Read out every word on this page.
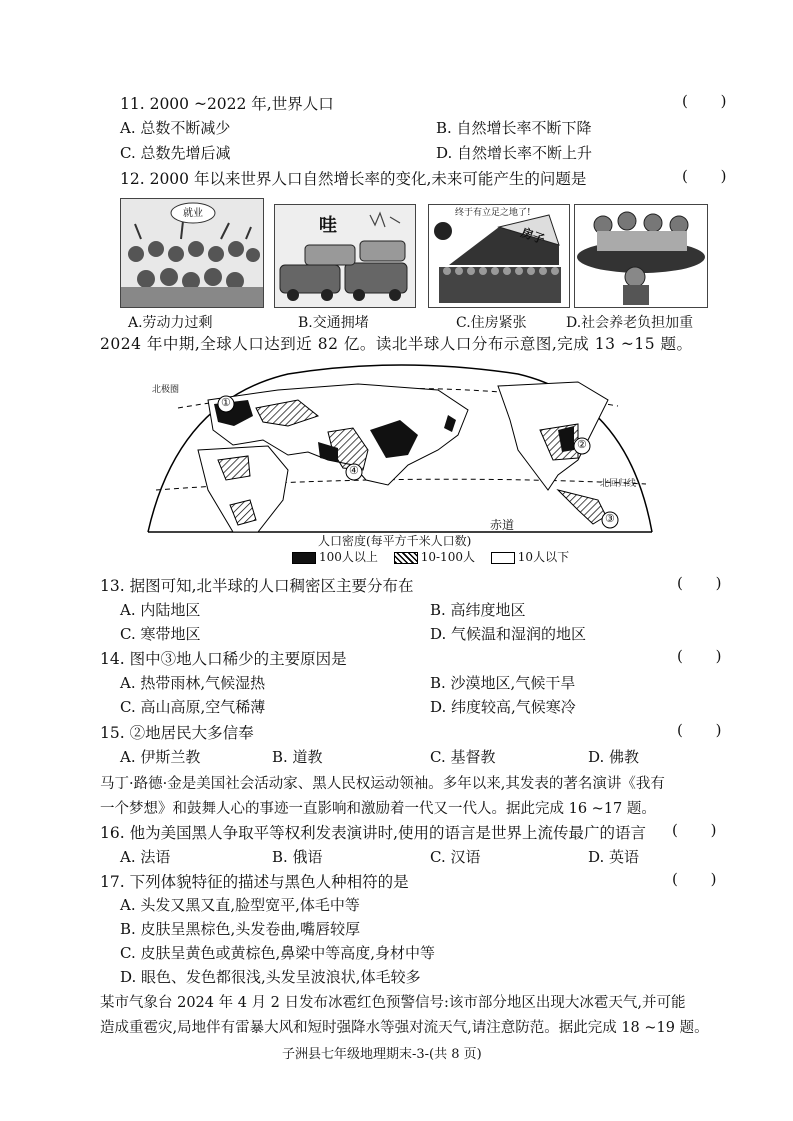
11. 2000 ~2022 年,世界人口	( )
A. 总数不断减少	B. 自然增长率不断下降
C. 总数先增后减	D. 自然增长率不断上升
12. 2000 年以来世界人口自然增长率的变化,未来可能产生的问题是	( )
就业
A.劳动力过剩
哇
B.交通拥堵
终于有立足之地了!
房子
C.住房紧张	D.社会养老负担加重
2024 年中期,全球人口达到近 82 亿。读北半球人口分布示意图,完成 13 ~15 题。
北极圈
北回归线
赤道
①
②
③
④
人口密度(每平方千米人口数)
100人以上	10-100人	10人以下
13. 据图可知,北半球的人口稠密区主要分布在	( )
A. 内陆地区	B. 高纬度地区
C. 寒带地区	D. 气候温和湿润的地区
14. 图中③地人口稀少的主要原因是	( )
A. 热带雨林,气候湿热	B. 沙漠地区,气候干旱
C. 高山高原,空气稀薄	D. 纬度较高,气候寒冷
15. ②地居民大多信奉	( )
A. 伊斯兰教	B. 道教	C. 基督教	D. 佛教
马丁·路德·金是美国社会活动家、黑人民权运动领袖。多年以来,其发表的著名演讲《我有
一个梦想》和鼓舞人心的事迹一直影响和激励着一代又一代人。据此完成 16 ~17 题。
16. 他为美国黑人争取平等权利发表演讲时,使用的语言是世界上流传最广的语言 ( )
A. 法语	B. 俄语	C. 汉语	D. 英语
17. 下列体貌特征的描述与黑色人种相符的是	( )
A. 头发又黑又直,脸型宽平,体毛中等
B. 皮肤呈黑棕色,头发卷曲,嘴唇较厚
C. 皮肤呈黄色或黄棕色,鼻梁中等高度,身材中等
D. 眼色、发色都很浅,头发呈波浪状,体毛较多
某市气象台 2024 年 4 月 2 日发布冰雹红色预警信号:该市部分地区出现大冰雹天气,并可能
造成重雹灾,局地伴有雷暴大风和短时强降水等强对流天气,请注意防范。据此完成 18 ~19 题。
子洲县七年级地理期末-3-(共 8 页)
